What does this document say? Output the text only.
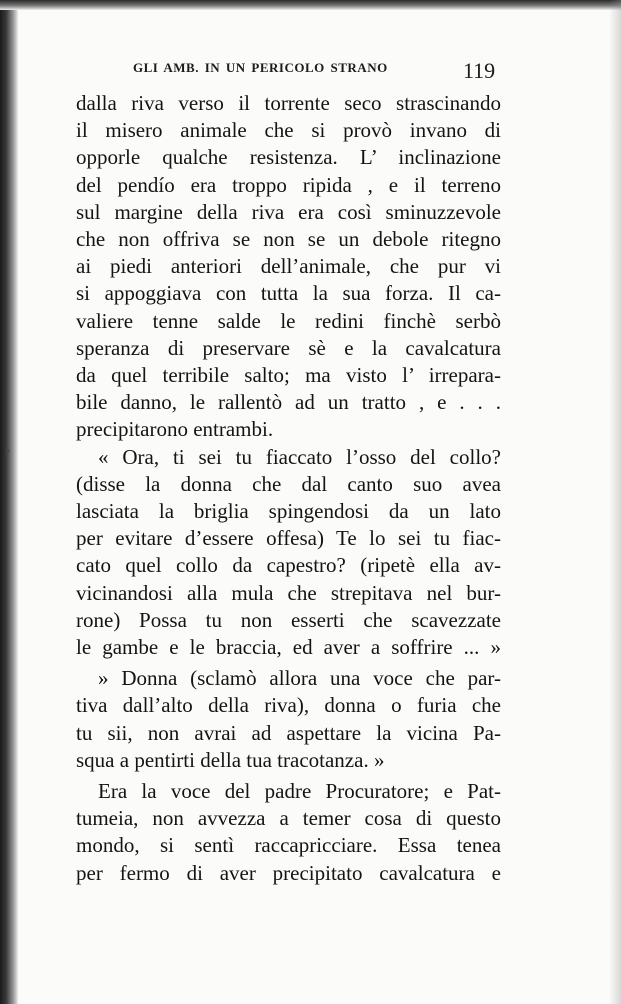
”
GLI AMB. IN UN PERICOLO STRANO	119
dalla riva verso il torrente seco strascinando
il misero animale che si provò invano di
opporle qualche resistenza. L’ inclinazione
del pendío era troppo ripida , e il terreno
sul margine della riva era così sminuzzevole
che non offriva se non se un debole ritegno
ai piedi anteriori dell’animale, che pur vi
si appoggiava con tutta la sua forza. Il ca-
valiere tenne salde le redini finchè serbò
speranza di preservare sè e la cavalcatura
da quel terribile salto; ma visto l’ irrepara-
bile danno, le rallentò ad un tratto , e . . .
precipitarono entrambi.
« Ora, ti sei tu fiaccato l’osso del collo?
(disse la donna che dal canto suo avea
lasciata la briglia spingendosi da un lato
per evitare d’essere offesa) Te lo sei tu fiac-
cato quel collo da capestro? (ripetè ella av-
vicinandosi alla mula che strepitava nel bur-
rone) Possa tu non esserti che scavezzate
le gambe e le braccia, ed aver a soffrire ... »
» Donna (sclamò allora una voce che par-
tiva dall’alto della riva), donna o furia che
tu sii, non avrai ad aspettare la vicina Pa-
squa a pentirti della tua tracotanza. »
Era la voce del padre Procuratore; e Pat-
tumeia, non avvezza a temer cosa di questo
mondo, si sentì raccapricciare. Essa tenea
per fermo di aver precipitato cavalcatura e
